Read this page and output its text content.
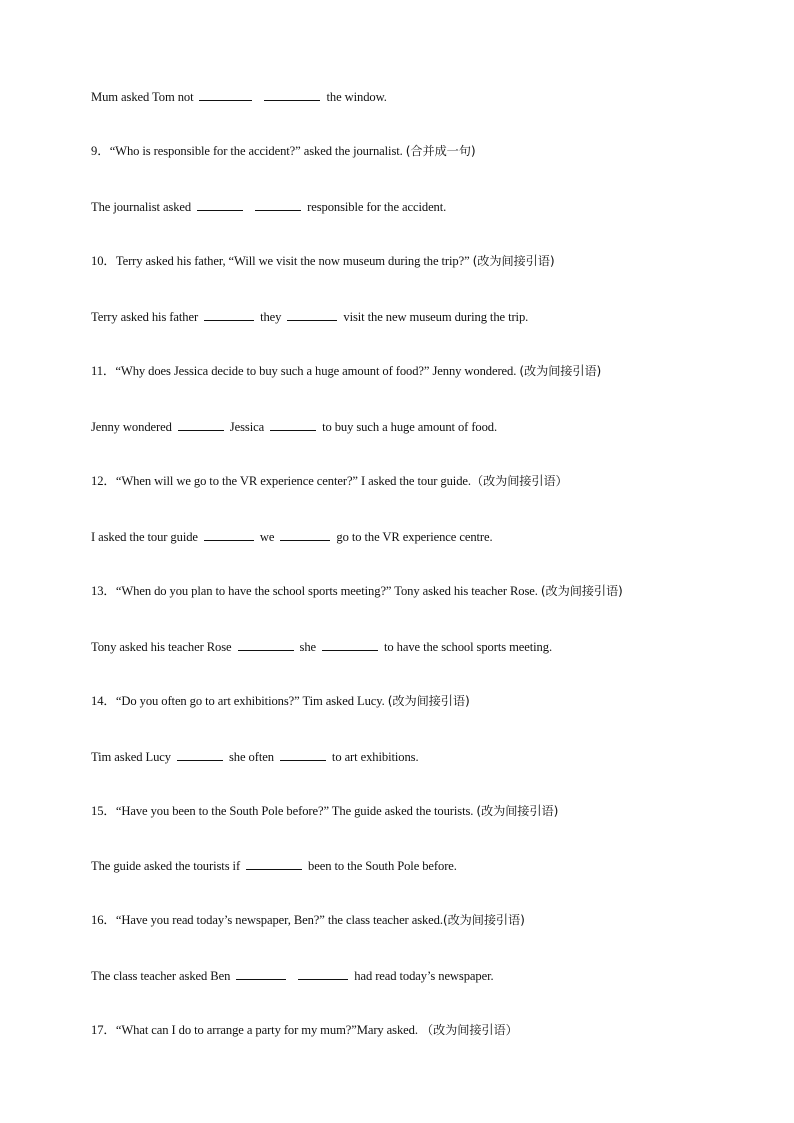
Mum asked Tom not	the window.
9．“Who is responsible for the accident?” asked the journalist. (合并成一句)
The journalist asked	responsible for the accident.
10．Terry asked his father, “Will we visit the now museum during the trip?” (改为间接引语)
Terry asked his father	they	visit the new museum during the trip.
11．“Why does Jessica decide to buy such a huge amount of food?” Jenny wondered. (改为间接引语)
Jenny wondered	Jessica	to buy such a huge amount of food.
12．“When will we go to the VR experience center?” I asked the tour guide.（改为间接引语）
I asked the tour guide	we	go to the VR experience centre.
13．“When do you plan to have the school sports meeting?” Tony asked his teacher Rose. (改为间接引语)
Tony asked his teacher Rose	she	to have the school sports meeting.
14．“Do you often go to art exhibitions?” Tim asked Lucy. (改为间接引语)
Tim asked Lucy	she often	to art exhibitions.
15．“Have you been to the South Pole before?” The guide asked the tourists. (改为间接引语)
The guide asked the tourists if	been to the South Pole before.
16．“Have you read today’s newspaper, Ben?” the class teacher asked.(改为间接引语)
The class teacher asked Ben	had read today’s newspaper.
17．“What can I do to arrange a party for my mum?”Mary asked. （改为间接引语）
